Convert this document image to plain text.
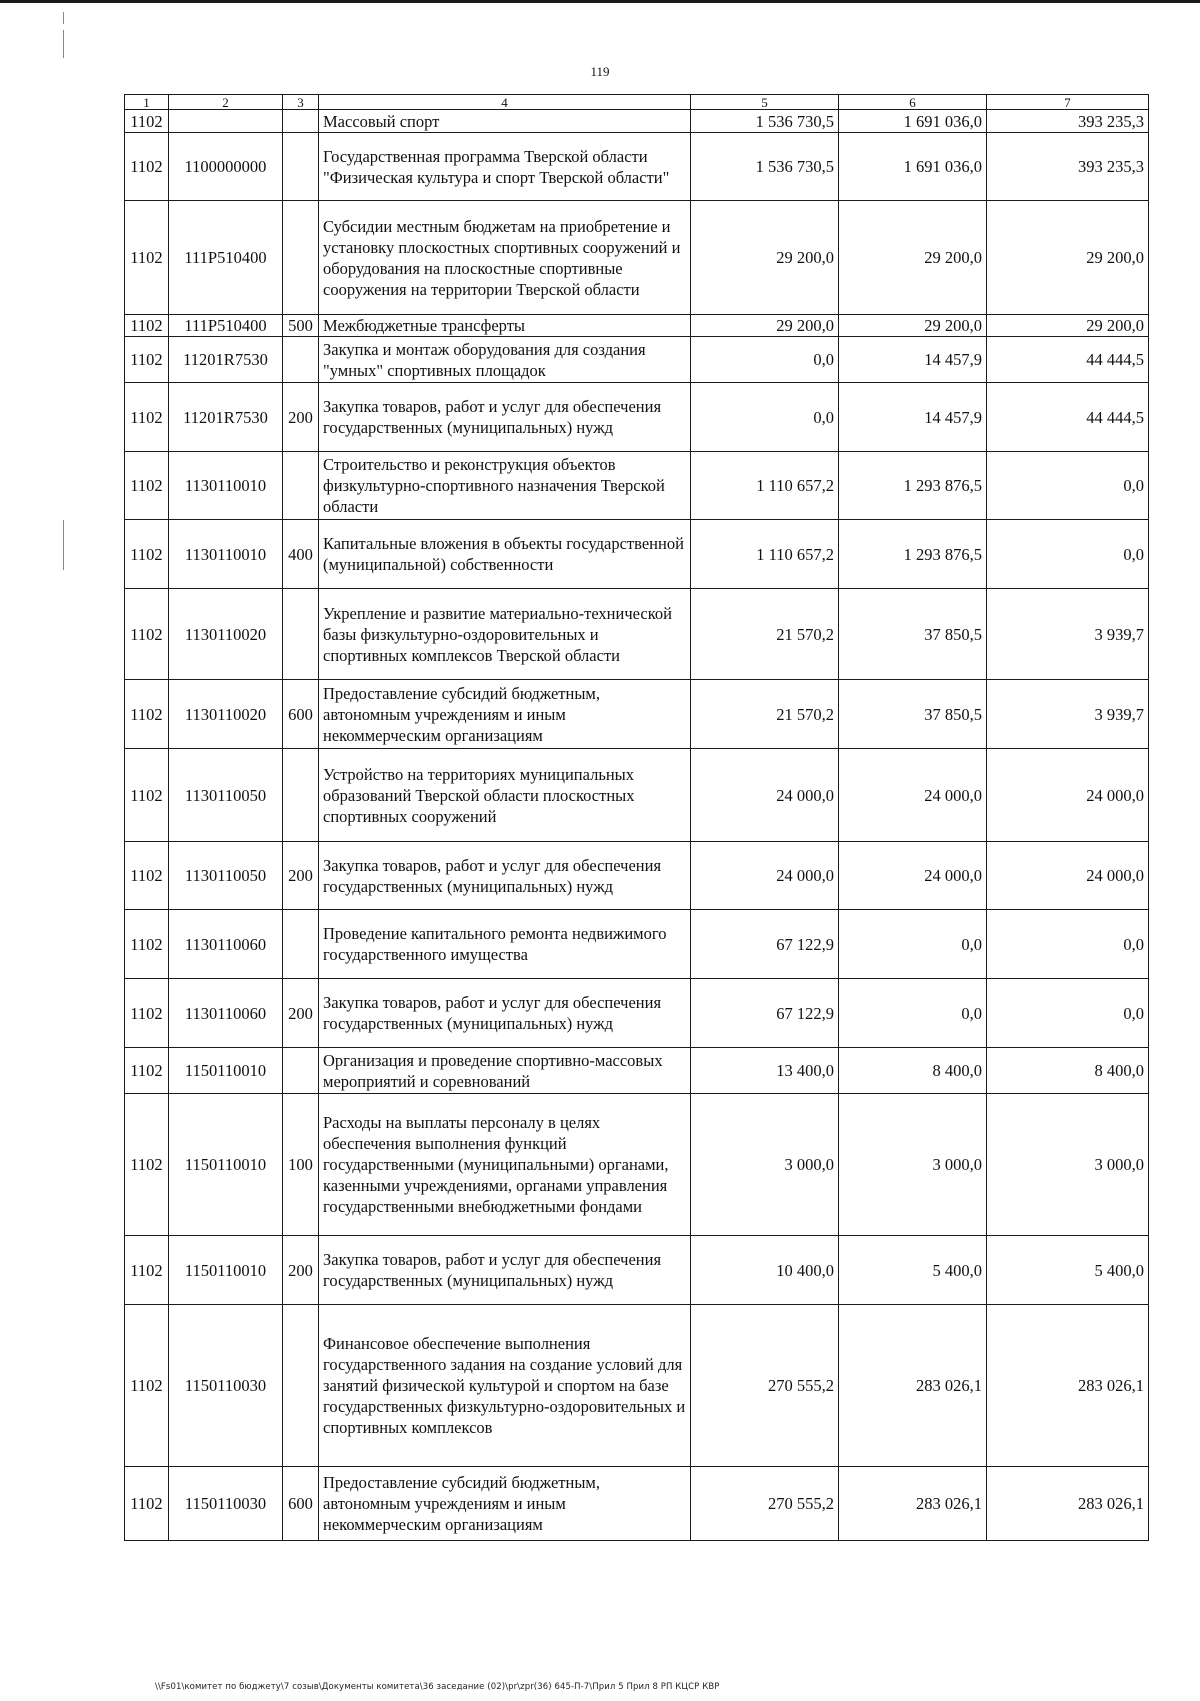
119
1	2	3	4	5	6	7
1102			Массовый спорт	1 536 730,5	1 691 036,0	393 235,3
1102	1100000000		Государственная программа Тверской области "Физическая культура и спорт Тверской области"	1 536 730,5	1 691 036,0	393 235,3
1102	111P510400		Субсидии местным бюджетам на приобретение и установку плоскостных спортивных сооружений и оборудования на плоскостные спортивные сооружения на территории Тверской области	29 200,0	29 200,0	29 200,0
1102	111P510400	500	Межбюджетные трансферты	29 200,0	29 200,0	29 200,0
1102	11201R7530		Закупка и монтаж оборудования для создания "умных" спортивных площадок	0,0	14 457,9	44 444,5
1102	11201R7530	200	Закупка товаров, работ и услуг для обеспечения государственных (муниципальных) нужд	0,0	14 457,9	44 444,5
1102	1130110010		Строительство и реконструкция объектов физкультурно-спортивного назначения Тверской области	1 110 657,2	1 293 876,5	0,0
1102	1130110010	400	Капитальные вложения в объекты государственной (муниципальной) собственности	1 110 657,2	1 293 876,5	0,0
1102	1130110020		Укрепление и развитие материально-технической базы физкультурно-оздоровительных и спортивных комплексов Тверской области	21 570,2	37 850,5	3 939,7
1102	1130110020	600	Предоставление субсидий бюджетным, автономным учреждениям и иным некоммерческим организациям	21 570,2	37 850,5	3 939,7
1102	1130110050		Устройство на территориях муниципальных образований Тверской области плоскостных спортивных сооружений	24 000,0	24 000,0	24 000,0
1102	1130110050	200	Закупка товаров, работ и услуг для обеспечения государственных (муниципальных) нужд	24 000,0	24 000,0	24 000,0
1102	1130110060		Проведение капитального ремонта недвижимого государственного имущества	67 122,9	0,0	0,0
1102	1130110060	200	Закупка товаров, работ и услуг для обеспечения государственных (муниципальных) нужд	67 122,9	0,0	0,0
1102	1150110010		Организация и проведение спортивно-массовых мероприятий и соревнований	13 400,0	8 400,0	8 400,0
1102	1150110010	100	Расходы на выплаты персоналу в целях обеспечения выполнения функций государственными (муниципальными) органами, казенными учреждениями, органами управления государственными внебюджетными фондами	3 000,0	3 000,0	3 000,0
1102	1150110010	200	Закупка товаров, работ и услуг для обеспечения государственных (муниципальных) нужд	10 400,0	5 400,0	5 400,0
1102	1150110030		Финансовое обеспечение выполнения государственного задания на создание условий для занятий физической культурой и спортом на базе государственных физкультурно-оздоровительных и спортивных комплексов	270 555,2	283 026,1	283 026,1
1102	1150110030	600	Предоставление субсидий бюджетным, автономным учреждениям и иным некоммерческим организациям	270 555,2	283 026,1	283 026,1
\\Fs01\комитет по бюджету\7 созыв\Документы комитета\36 заседание (02)\pr\zpr(36) 645-П-7\Прил 5 Прил 8 РП КЦСР КВР
